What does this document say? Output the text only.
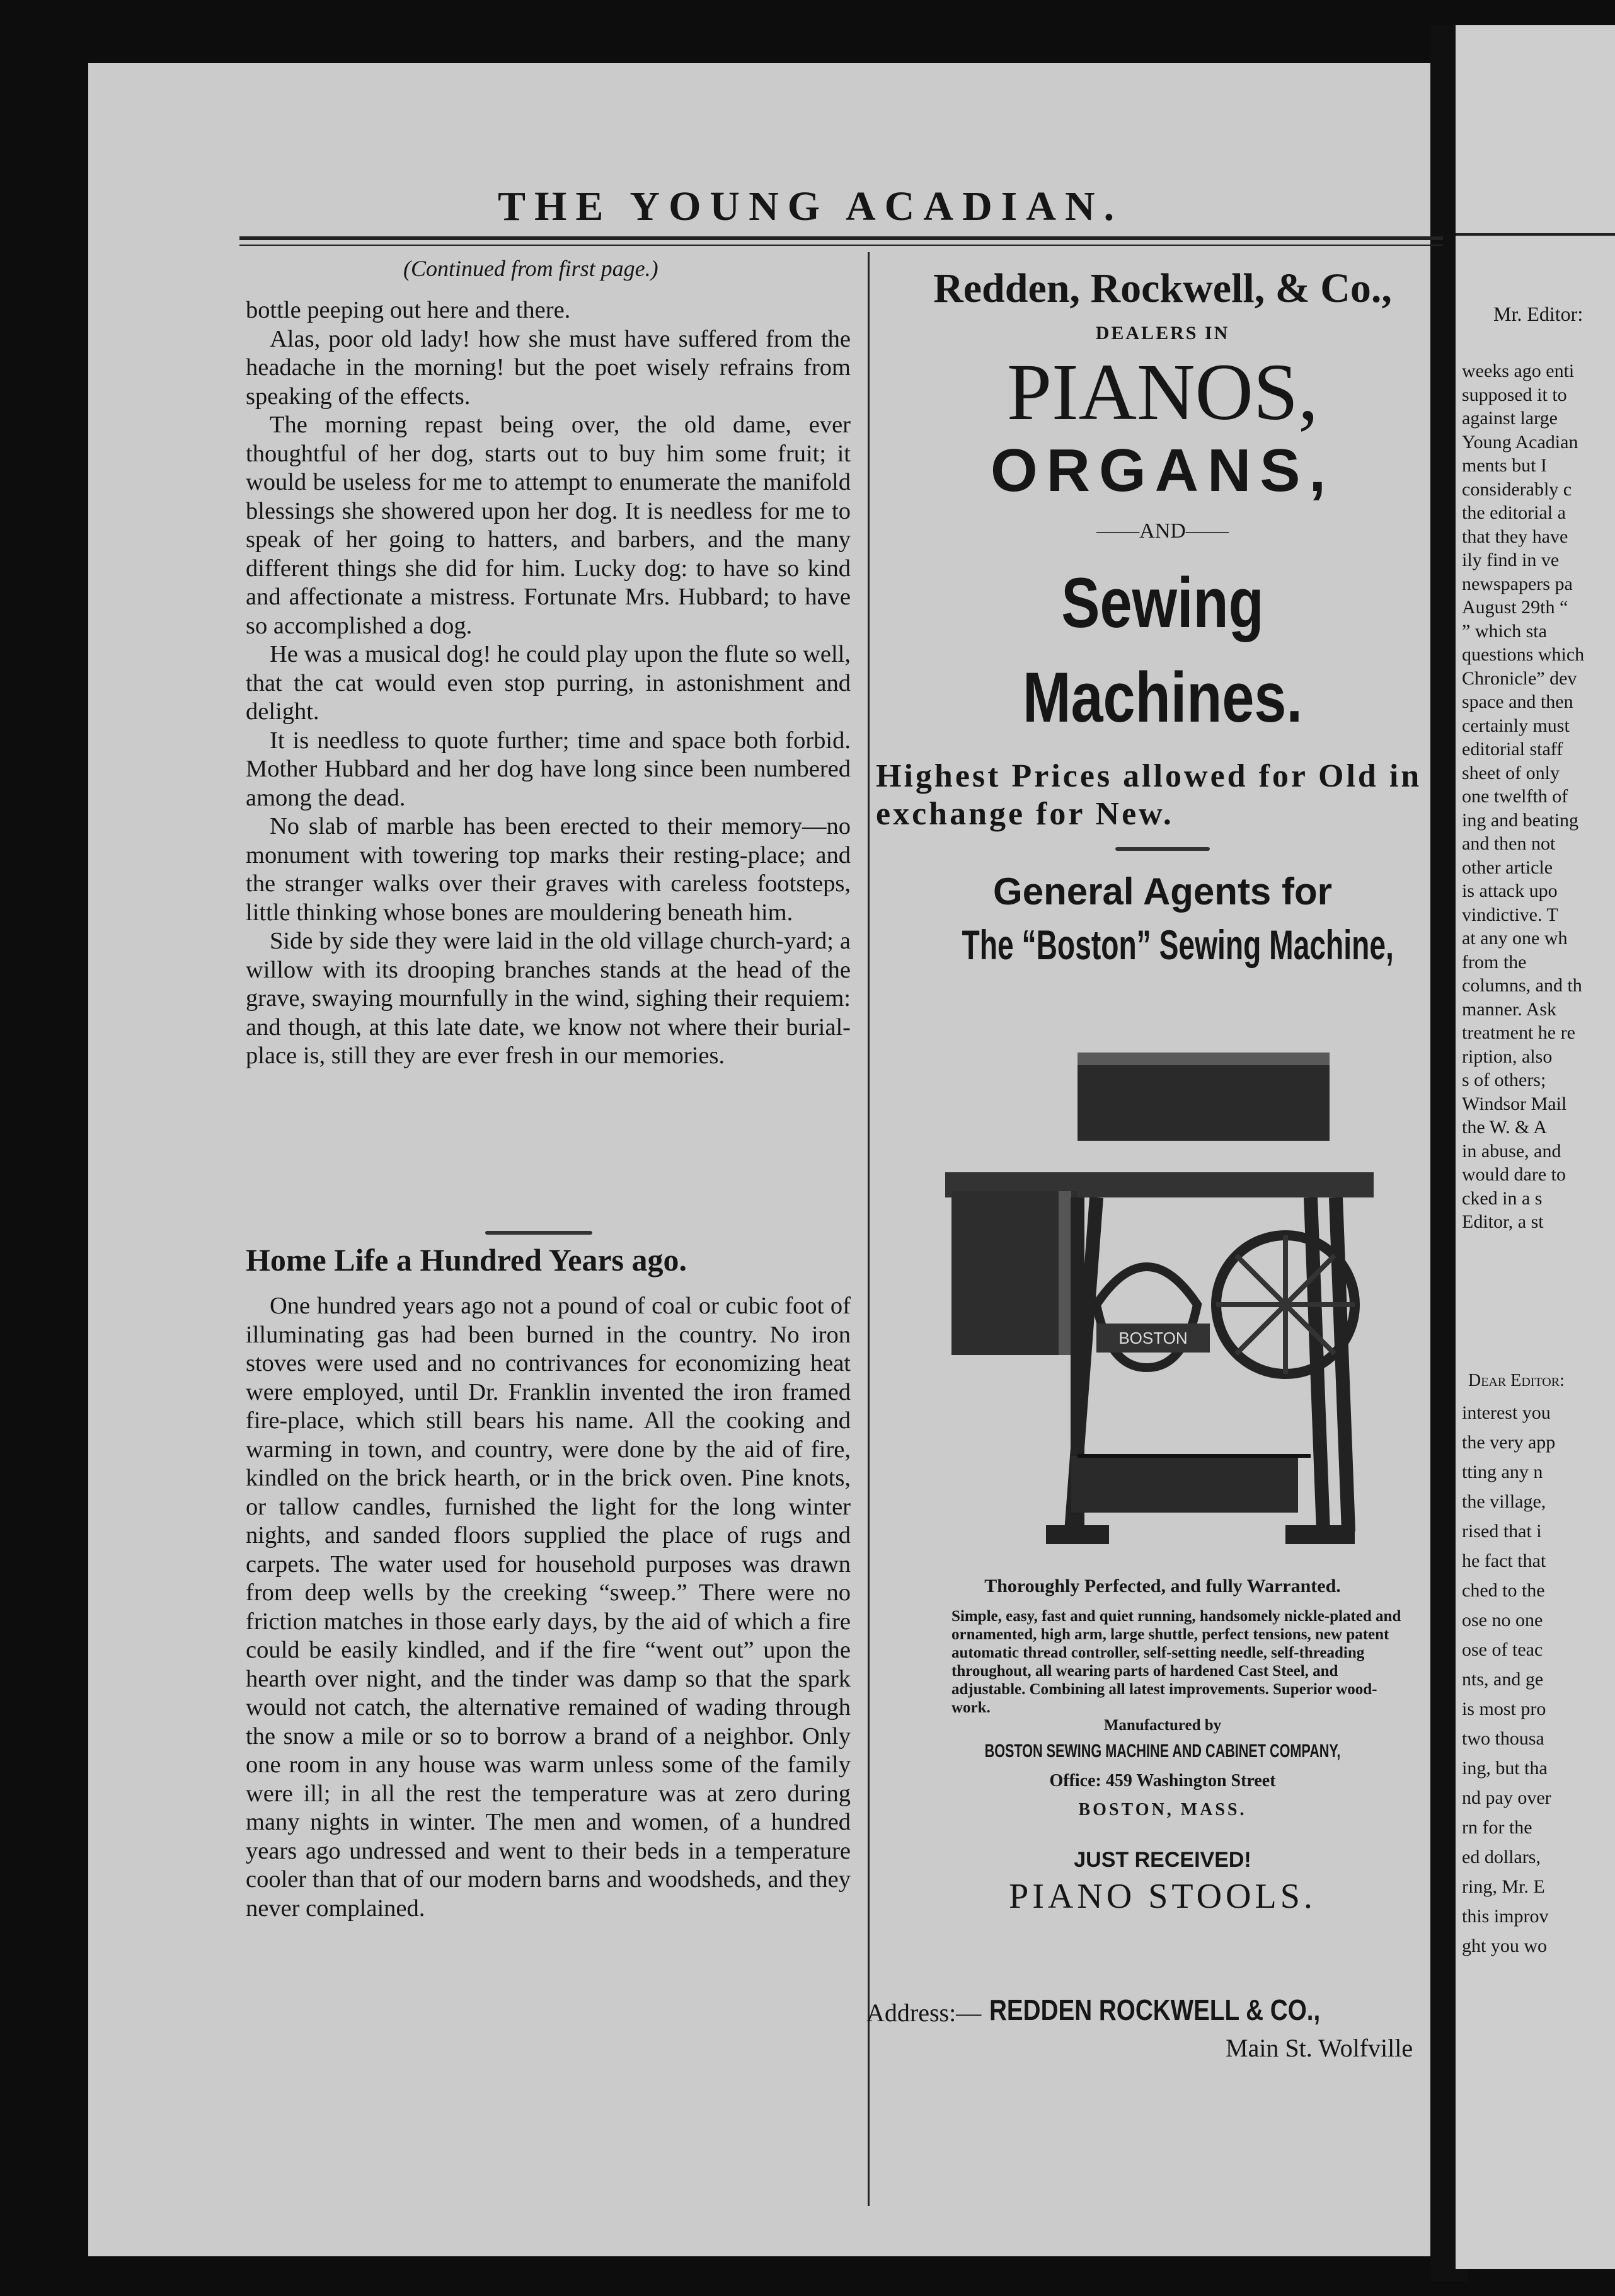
THE YOUNG ACADIAN.
(Continued from first page.)

bottle peeping out here and there.

Alas, poor old lady! how she must have suffered from the headache in the morning! but the poet wisely refrains from speaking of the effects.

The morning repast being over, the old dame, ever thoughtful of her dog, starts out to buy him some fruit; it would be useless for me to attempt to enumerate the manifold blessings she showered upon her dog. It is needless for me to speak of her going to hatters, and barbers, and the many different things she did for him. Lucky dog: to have so kind and affectionate a mistress. Fortunate Mrs. Hubbard; to have so accomplished a dog.

He was a musical dog! he could play upon the flute so well, that the cat would even stop purring, in astonishment and delight.

It is needless to quote further; time and space both forbid. Mother Hubbard and her dog have long since been numbered among the dead.

No slab of marble has been erected to their memory—no monument with towering top marks their resting-place; and the stranger walks over their graves with careless footsteps, little thinking whose bones are mouldering beneath him.

Side by side they were laid in the old village church-yard; a willow with its drooping branches stands at the head of the grave, swaying mournfully in the wind, sighing their requiem: and though, at this late date, we know not where their burial-place is, still they are ever fresh in our memories.

Home Life a Hundred Years ago.

One hundred years ago not a pound of coal or cubic foot of illuminating gas had been burned in the country. No iron stoves were used and no contrivances for economizing heat were employed, until Dr. Franklin invented the iron framed fire-place, which still bears his name. All the cooking and warming in town, and country, were done by the aid of fire, kindled on the brick hearth, or in the brick oven. Pine knots, or tallow candles, furnished the light for the long winter nights, and sanded floors supplied the place of rugs and carpets. The water used for household purposes was drawn from deep wells by the creeking “sweep.” There were no friction matches in those early days, by the aid of which a fire could be easily kindled, and if the fire “went out” upon the hearth over night, and the tinder was damp so that the spark would not catch, the alternative remained of wading through the snow a mile or so to borrow a brand of a neighbor. Only one room in any house was warm unless some of the family were ill; in all the rest the temperature was at zero during many nights in winter. The men and women, of a hundred years ago undressed and went to their beds in a temperature cooler than that of our modern barns and woodsheds, and they never complained.

Redden, Rockwell, & Co.,
DEALERS IN
PIANOS,
ORGANS,
——AND——
Sewing Machines.
Highest Prices allowed for Old in exchange for New.
General Agents for
The “Boston” Sewing Machine,
BOSTON
Thoroughly Perfected, and fully Warranted.
Simple, easy, fast and quiet running, handsomely nickle-plated and ornamented, high arm, large shuttle, perfect tensions, new patent automatic thread controller, self-setting needle, self-threading throughout, all wearing parts of hardened Cast Steel, and adjustable. Combining all latest improvements. Superior wood-work.
Manufactured by
BOSTON SEWING MACHINE AND CABINET COMPANY,
Office: 459 Washington Street
BOSTON, MASS.
JUST RECEIVED!
PIANO STOOLS.
Address:— REDDEN ROCKWELL & CO.,
Main St. Wolfville
Mr. Editor:
weeks ago enti
supposed it to
against large
Young Acadian
ments but I
considerably c
the editorial a
that they have
ily find in ve
newspapers pa
August 29th “
” which sta
questions which
Chronicle” dev
space and then
certainly must
editorial staff
sheet of only
one twelfth of
ing and beating
and then not
other article
is attack upo
vindictive. T
at any one wh
from the
columns, and th
manner. Ask
treatment he re
ription, also
s of others;
Windsor Mail
the W. & A
in abuse, and
would dare to
cked in a s
Editor, a st
Dear Editor:
interest you
the very app
tting any n
the village,
rised that i
he fact that
ched to the
ose no one
ose of teac
nts, and ge
is most pro
two thousa
ing, but tha
nd pay over
rn for the
ed dollars,
ring, Mr. E
this improv
ght you wo
